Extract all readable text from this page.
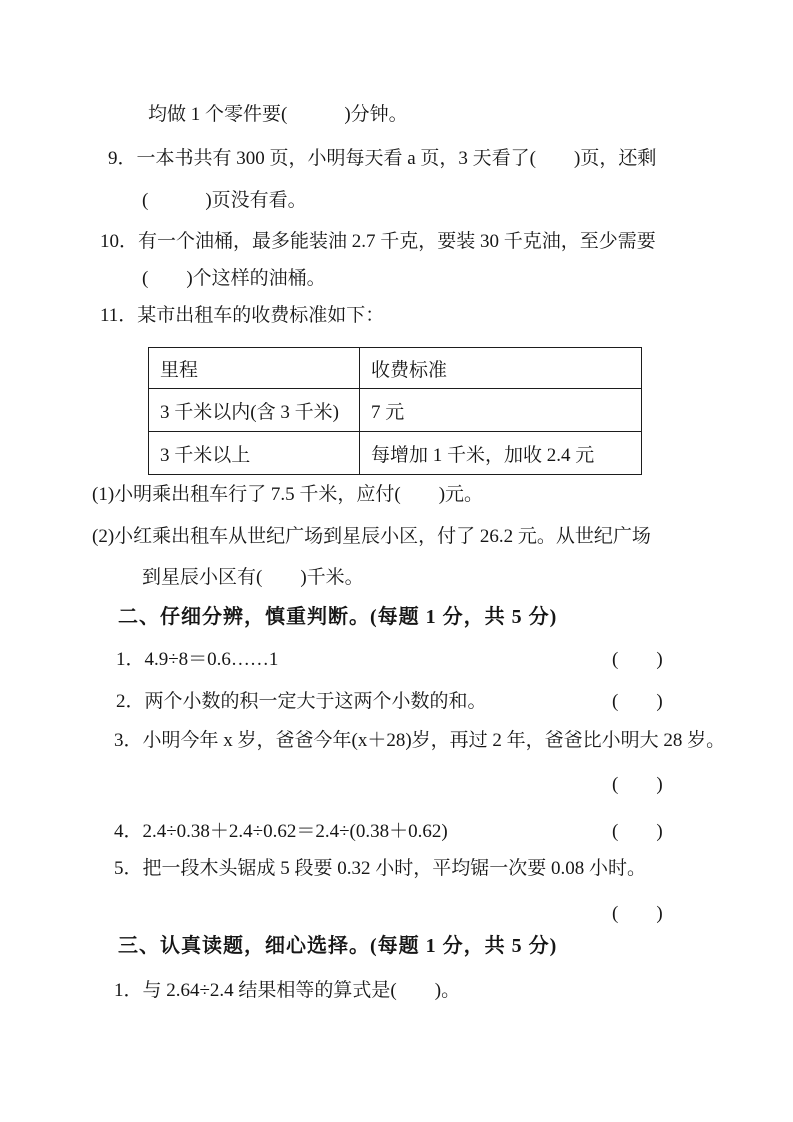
均做 1 个零件要(　　　)分钟。
9．一本书共有 300 页，小明每天看 a 页，3 天看了(　　)页，还剩
(　　　)页没有看。
10．有一个油桶，最多能装油 2.7 千克，要装 30 千克油，至少需要
(　　)个这样的油桶。
11．某市出租车的收费标准如下：
里程	收费标准
3 千米以内(含 3 千米)	7 元
3 千米以上	每增加 1 千米，加收 2.4 元
(1)小明乘出租车行了 7.5 千米，应付(　　)元。
(2)小红乘出租车从世纪广场到星辰小区，付了 26.2 元。从世纪广场
到星辰小区有(　　)千米。
二、仔细分辨，慎重判断。(每题 1 分，共 5 分)
1．4.9÷8＝0.6……1	(　　)
2．两个小数的积一定大于这两个小数的和。	(　　)
3．小明今年 x 岁，爸爸今年(x＋28)岁，再过 2 年，爸爸比小明大 28 岁。
(　　)
4．2.4÷0.38＋2.4÷0.62＝2.4÷(0.38＋0.62)	(　　)
5．把一段木头锯成 5 段要 0.32 小时，平均锯一次要 0.08 小时。
(　　)
三、认真读题，细心选择。(每题 1 分，共 5 分)
1．与 2.64÷2.4 结果相等的算式是(　　)。
